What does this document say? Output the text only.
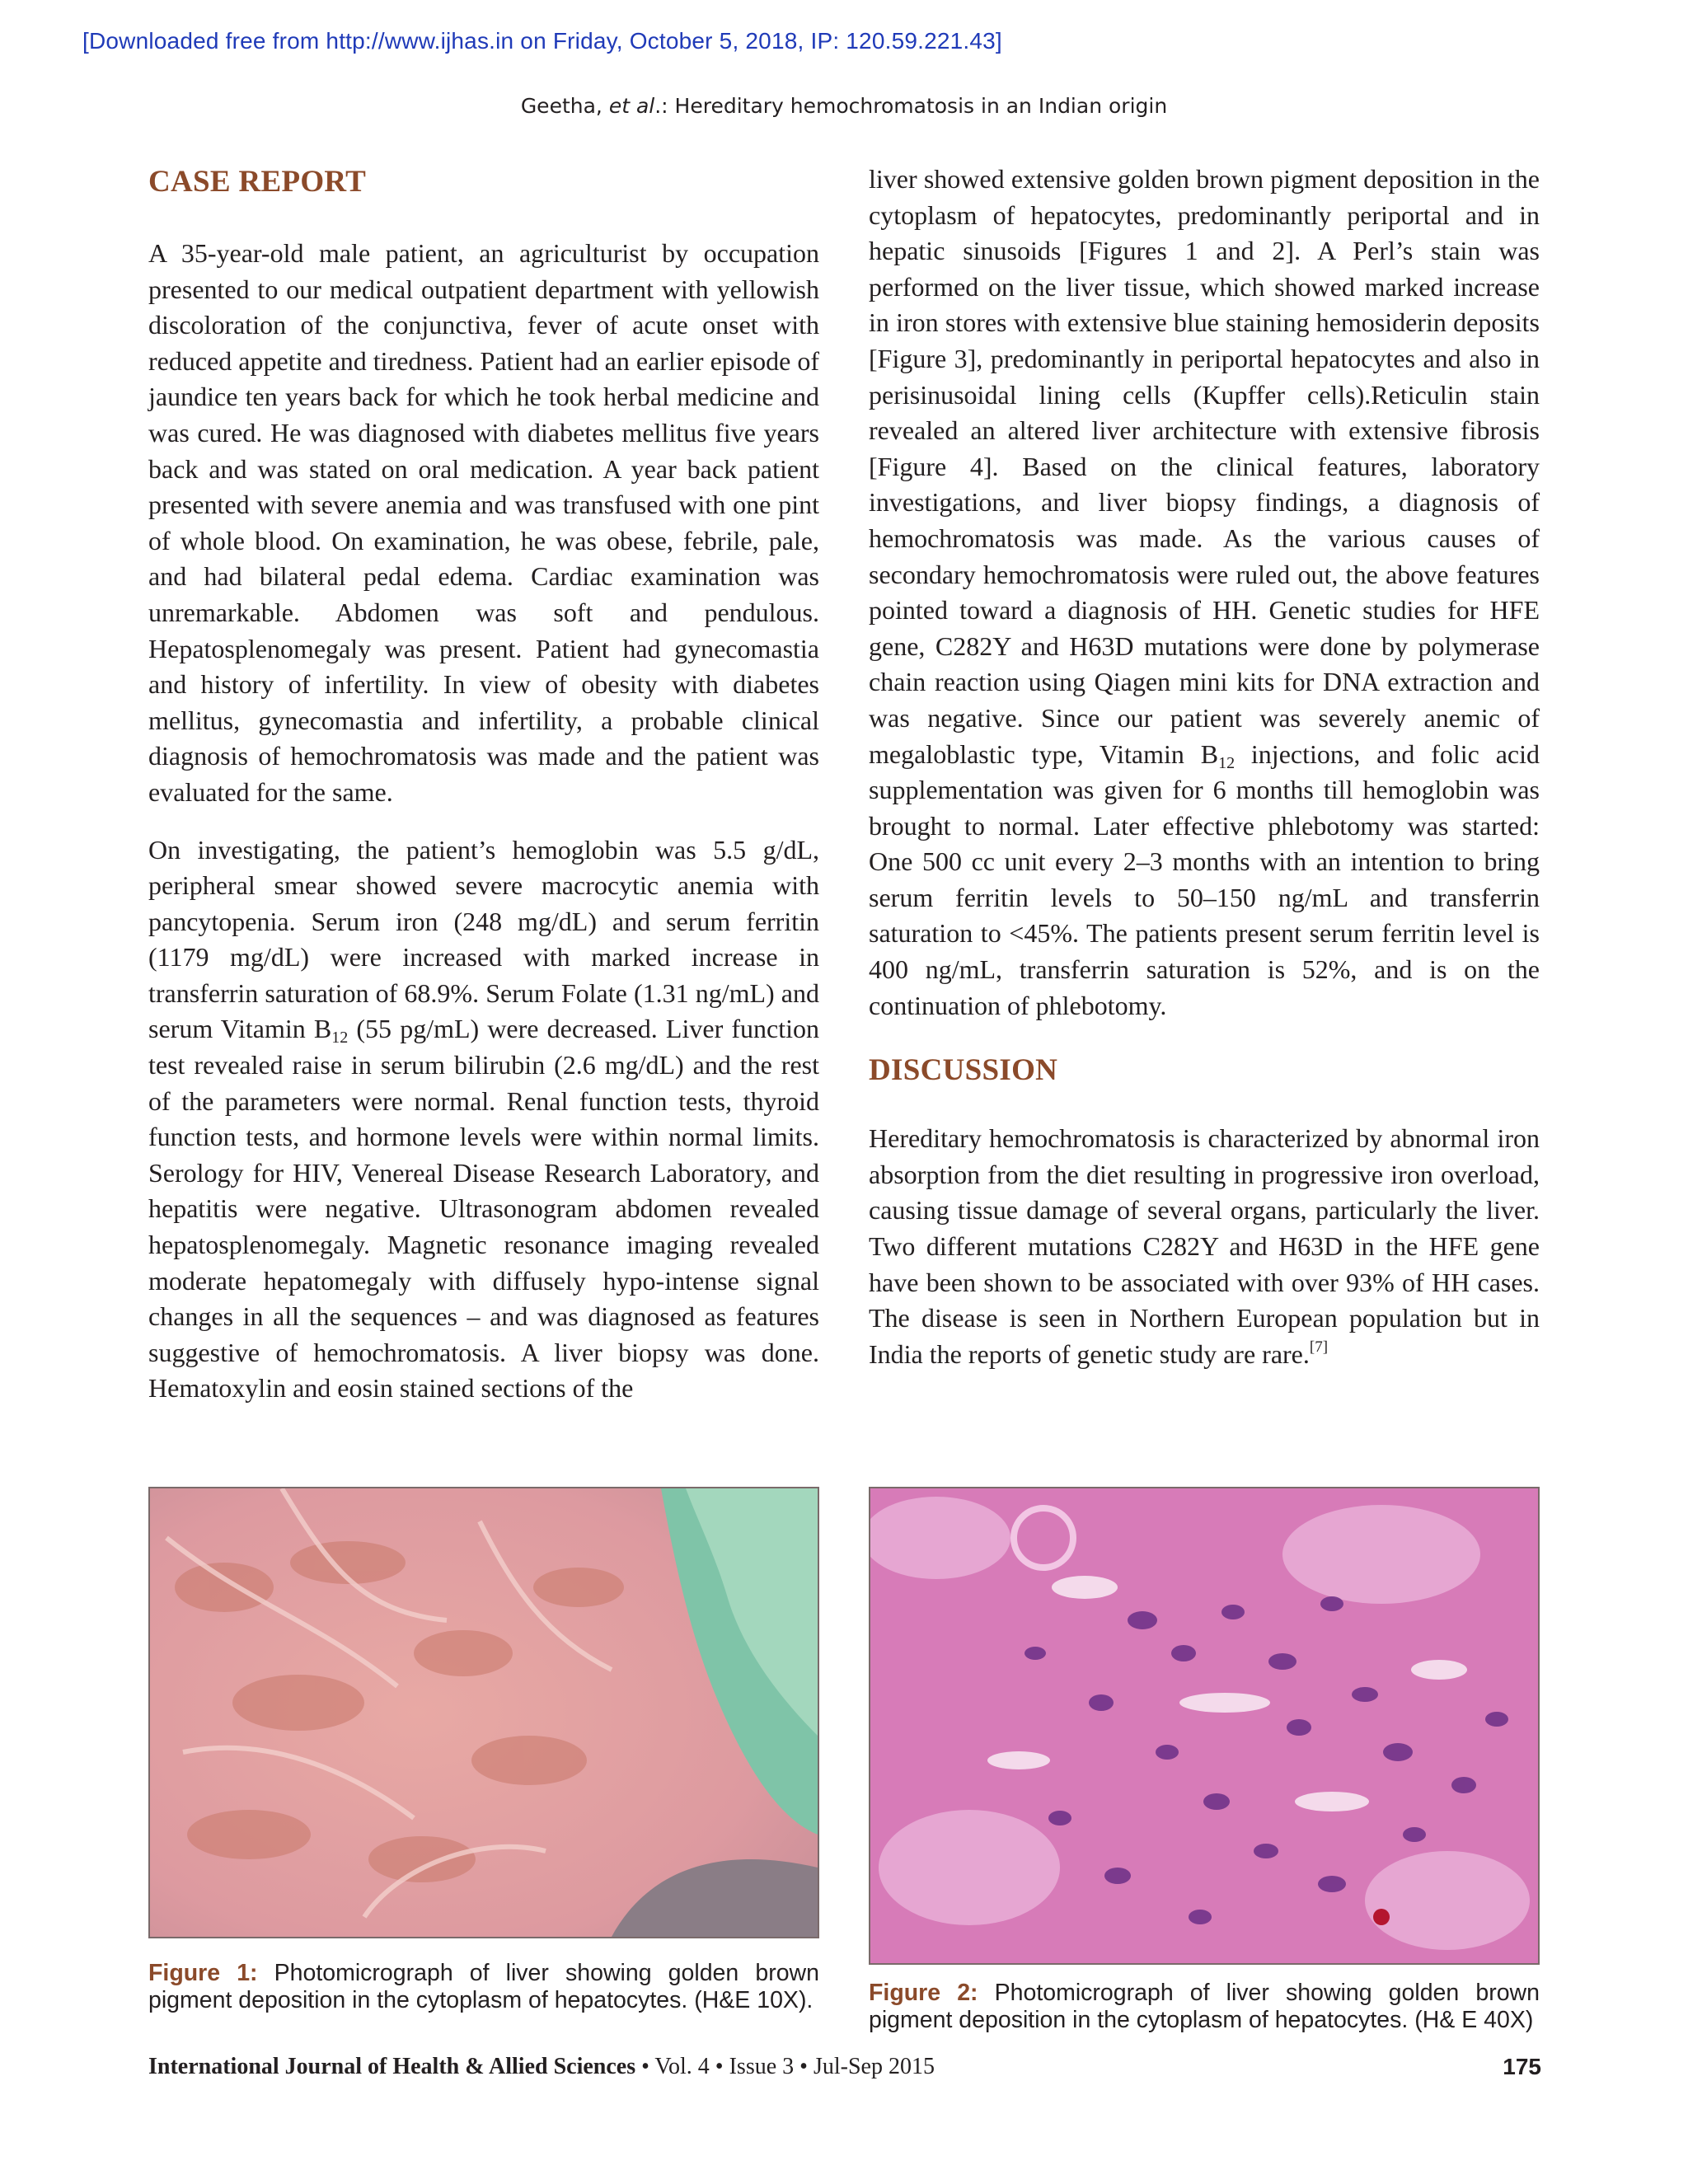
[Downloaded free from http://www.ijhas.in on Friday, October 5, 2018, IP: 120.59.221.43]
Geetha, et al.: Hereditary hemochromatosis in an Indian origin
CASE REPORT

A 35-year-old male patient, an agriculturist by occupation presented to our medical outpatient department with yellowish discoloration of the conjunctiva, fever of acute onset with reduced appetite and tiredness. Patient had an earlier episode of jaundice ten years back for which he took herbal medicine and was cured. He was diagnosed with diabetes mellitus five years back and was stated on oral medication. A year back patient presented with severe anemia and was transfused with one pint of whole blood. On examination, he was obese, febrile, pale, and had bilateral pedal edema. Cardiac examination was unremarkable. Abdomen was soft and pendulous. Hepatosplenomegaly was present. Patient had gynecomastia and history of infertility. In view of obesity with diabetes mellitus, gynecomastia and infertility, a probable clinical diagnosis of hemochromatosis was made and the patient was evaluated for the same.

On investigating, the patient’s hemoglobin was 5.5 g/dL, peripheral smear showed severe macrocytic anemia with pancytopenia. Serum iron (248 mg/dL) and serum ferritin (1179 mg/dL) were increased with marked increase in transferrin saturation of 68.9%. Serum Folate (1.31 ng/mL) and serum Vitamin $B_{12}$ (55 pg/mL) were decreased. Liver function test revealed raise in serum bilirubin (2.6 mg/dL) and the rest of the parameters were normal. Renal function tests, thyroid function tests, and hormone levels were within normal limits. Serology for HIV, Venereal Disease Research Laboratory, and hepatitis were negative. Ultrasonogram abdomen revealed hepatosplenomegaly. Magnetic resonance imaging revealed moderate hepatomegaly with diffusely hypo-intense signal changes in all the sequences – and was diagnosed as features suggestive of hemochromatosis. A liver biopsy was done. Hematoxylin and eosin stained sections of the

liver showed extensive golden brown pigment deposition in the cytoplasm of hepatocytes, predominantly periportal and in hepatic sinusoids [Figures 1 and 2]. A Perl’s stain was performed on the liver tissue, which showed marked increase in iron stores with extensive blue staining hemosiderin deposits [Figure 3], predominantly in periportal hepatocytes and also in perisinusoidal lining cells (Kupffer cells).Reticulin stain revealed an altered liver architecture with extensive fibrosis [Figure 4]. Based on the clinical features, laboratory investigations, and liver biopsy findings, a diagnosis of hemochromatosis was made. As the various causes of secondary hemochromatosis were ruled out, the above features pointed toward a diagnosis of HH. Genetic studies for HFE gene, C282Y and H63D mutations were done by polymerase chain reaction using Qiagen mini kits for DNA extraction and was negative. Since our patient was severely anemic of megaloblastic type, Vitamin $B_{12}$ injections, and folic acid supplementation was given for 6 months till hemoglobin was brought to normal. Later effective phlebotomy was started: One 500 cc unit every 2–3 months with an intention to bring serum ferritin levels to 50–150 ng/mL and transferrin saturation to <45%. The patients present serum ferritin level is 400 ng/mL, transferrin saturation is 52%, and is on the continuation of phlebotomy.

DISCUSSION

Hereditary hemochromatosis is characterized by abnormal iron absorption from the diet resulting in progressive iron overload, causing tissue damage of several organs, particularly the liver. Two different mutations C282Y and H63D in the HFE gene have been shown to be associated with over 93% of HH cases. The disease is seen in Northern European population but in India the reports of genetic study are rare.[7]

Figure 1: Photomicrograph of liver showing golden brown pigment deposition in the cytoplasm of hepatocytes. (H&E 10X). Figure 2: Photomicrograph of liver showing golden brown pigment deposition in the cytoplasm of hepatocytes. (H& E 40X)
International Journal of Health & Allied Sciences • Vol. 4 • Issue 3 • Jul-Sep 2015	175
